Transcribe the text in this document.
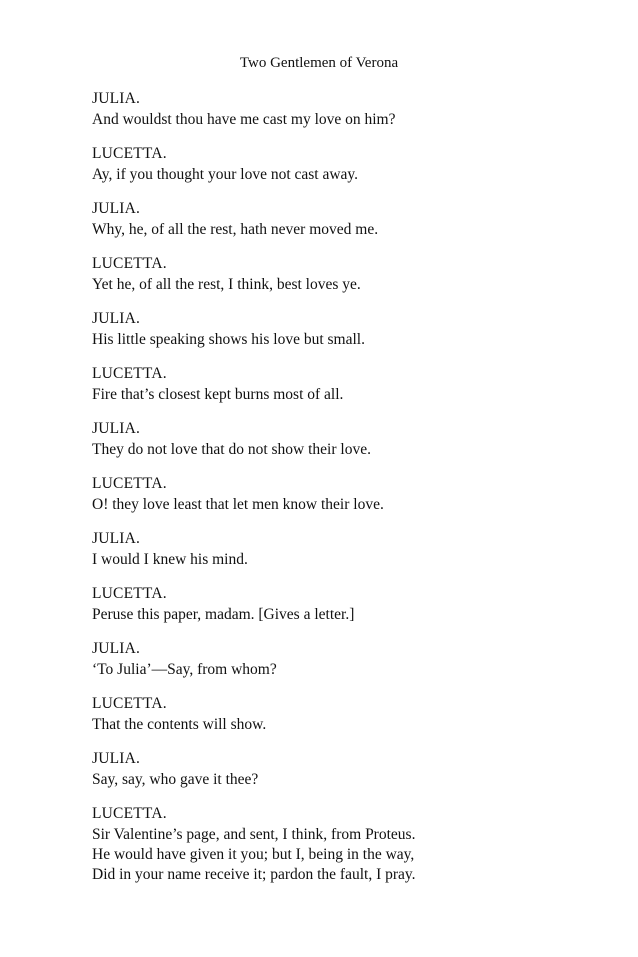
Two Gentlemen of Verona

JULIA.

And wouldst thou have me cast my love on him?

LUCETTA.

Ay, if you thought your love not cast away.

JULIA.

Why, he, of all the rest, hath never moved me.

LUCETTA.

Yet he, of all the rest, I think, best loves ye.

JULIA.

His little speaking shows his love but small.

LUCETTA.

Fire that’s closest kept burns most of all.

JULIA.

They do not love that do not show their love.

LUCETTA.

O! they love least that let men know their love.

JULIA.

I would I knew his mind.

LUCETTA.

Peruse this paper, madam. [Gives a letter.]

JULIA.

‘To Julia’—Say, from whom?

LUCETTA.

That the contents will show.

JULIA.

Say, say, who gave it thee?

LUCETTA.

Sir Valentine’s page, and sent, I think, from Proteus.

He would have given it you; but I, being in the way,

Did in your name receive it; pardon the fault, I pray.
